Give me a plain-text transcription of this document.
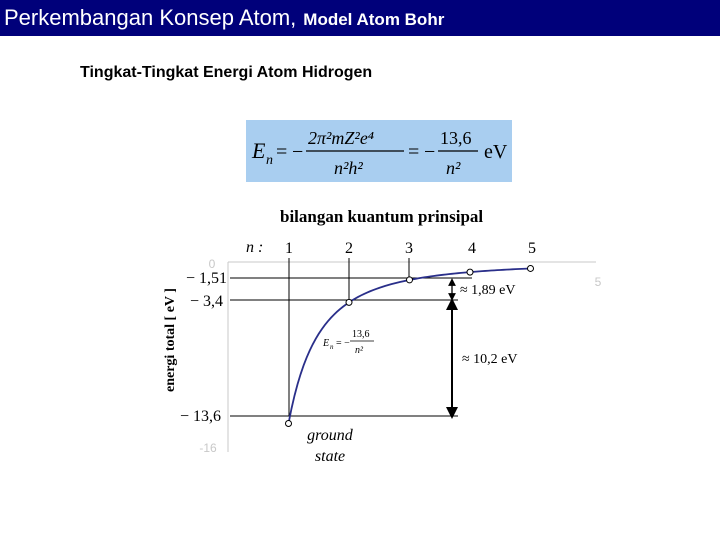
Perkembangan Konsep Atom, Model Atom Bohr
Tingkat-Tingkat Energi Atom Hidrogen
E n = −
2π²mZ²e⁴
n²h²
= −
13,6
n²
eV
bilangan kuantum prinsipal
n : 1	2	3	4	5
energi total [ eV ]
0
-16
5
− 1,51
− 3,4
− 13,6
≈ 1,89 eV
≈ 10,2 eV
E n = −
13,6
n²
ground
state
